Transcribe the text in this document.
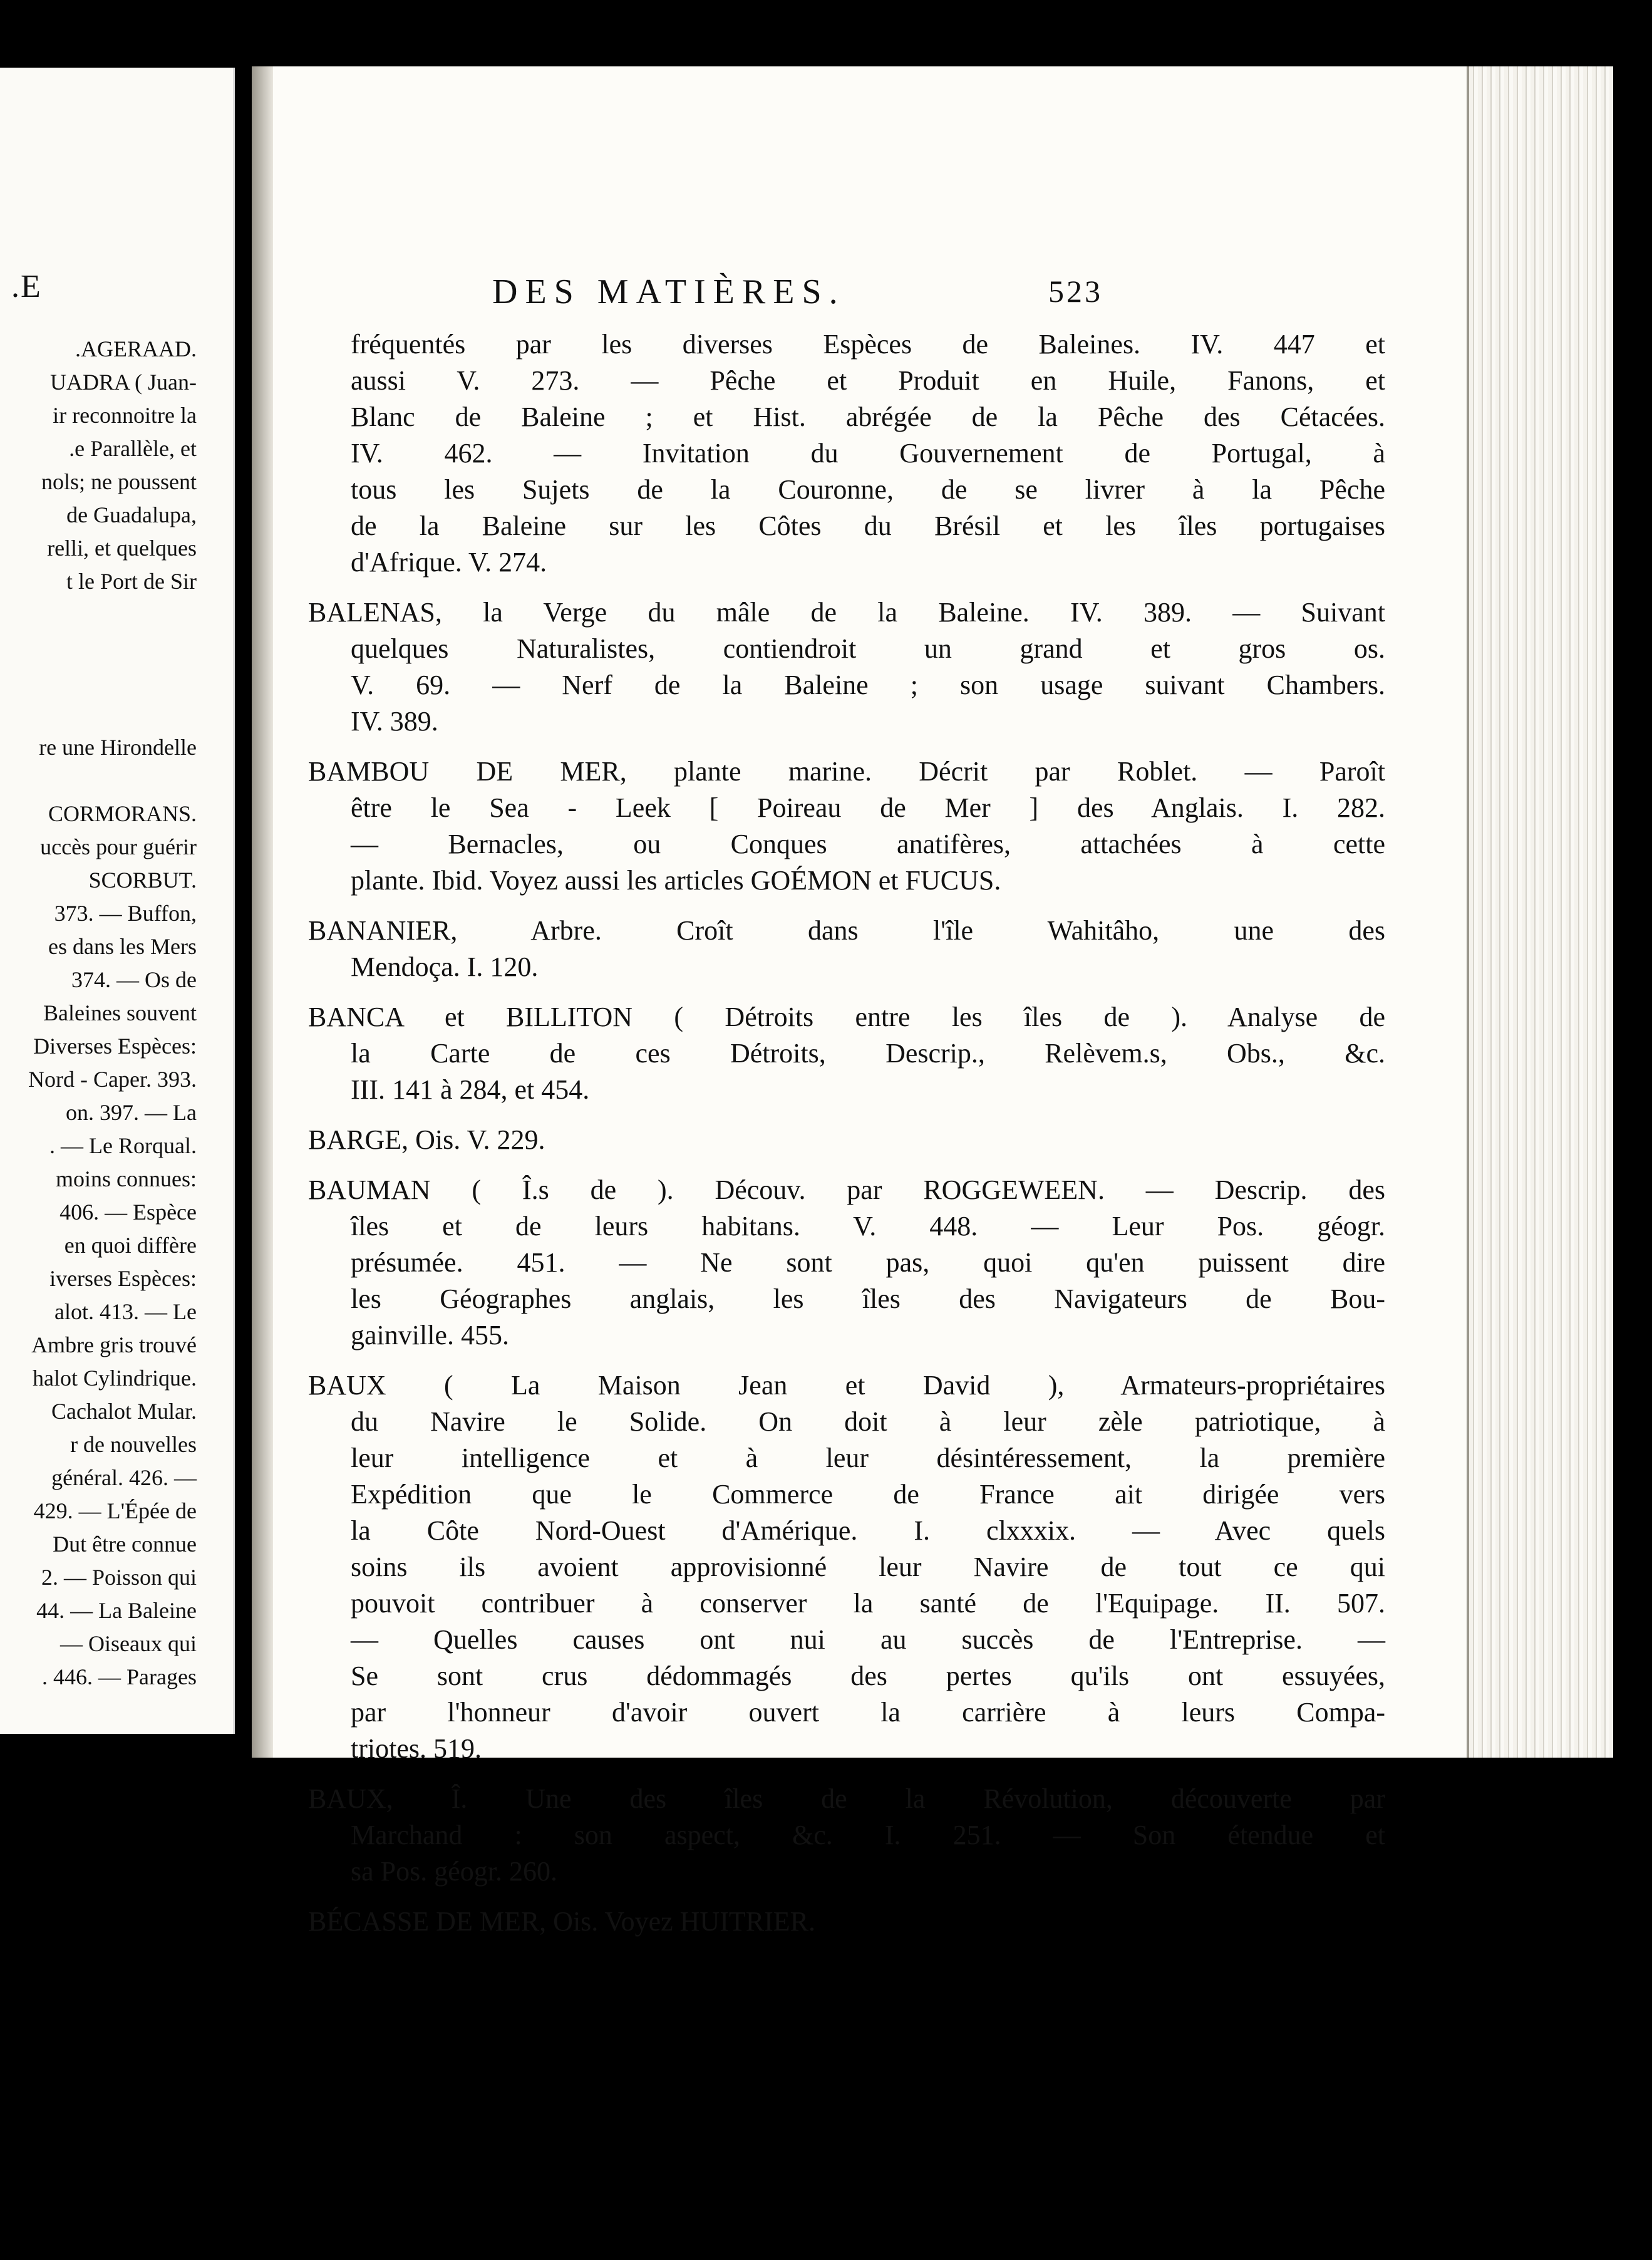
.E
.AGERAAD.
UADRA ( Juan-
ir reconnoitre la
.e Parallèle, et
nols; ne poussent
de Guadalupa,
relli, et quelques
t le Port de Sir
re une Hirondelle
CORMORANS.
uccès pour guérir
SCORBUT.
373. — Buffon,
es dans les Mers
374. — Os de
Baleines souvent
Diverses Espèces:
Nord - Caper. 393.
on. 397. — La
. — Le Rorqual.
moins connues:
406. — Espèce
en quoi diffère
iverses Espèces:
alot. 413. — Le
Ambre gris trouvé
halot Cylindrique.
Cachalot Mular.
r de nouvelles
général. 426. —
429. — L'Épée de
Dut être connue
2. — Poisson qui
44. — La Baleine
— Oiseaux qui
. 446. — Parages
DES MATIÈRES.	523
fréquentés par les diverses Espèces de Baleines. IV. 447 et
aussi V. 273. — Pêche et Produit en Huile, Fanons, et
Blanc de Baleine ; et Hist. abrégée de la Pêche des Cétacées.
IV. 462. — Invitation du Gouvernement de Portugal, à
tous les Sujets de la Couronne, de se livrer à la Pêche
de la Baleine sur les Côtes du Brésil et les îles portugaises
d'Afrique. V. 274.
BALENAS, la Verge du mâle de la Baleine. IV. 389. — Suivant
quelques Naturalistes, contiendroit un grand et gros os.
V. 69. — Nerf de la Baleine ; son usage suivant Chambers.
IV. 389.
BAMBOU DE MER, plante marine. Décrit par Roblet. — Paroît
être le Sea - Leek [ Poireau de Mer ] des Anglais. I. 282.
— Bernacles, ou Conques anatifères, attachées à cette
plante. Ibid. Voyez aussi les articles GOÉMON et FUCUS.
BANANIER, Arbre. Croît dans l'île Wahitâho, une des
Mendoça. I. 120.
BANCA et BILLITON ( Détroits entre les îles de ). Analyse de
la Carte de ces Détroits, Descrip., Relèvem.s, Obs., &c.
III. 141 à 284, et 454.
BARGE, Ois. V. 229.
BAUMAN ( Î.s de ). Découv. par ROGGEWEEN. — Descrip. des
îles et de leurs habitans. V. 448. — Leur Pos. géogr.
présumée. 451. — Ne sont pas, quoi qu'en puissent dire
les Géographes anglais, les îles des Navigateurs de Bou-
gainville. 455.
BAUX ( La Maison Jean et David ), Armateurs-propriétaires
du Navire le Solide. On doit à leur zèle patriotique, à
leur intelligence et à leur désintéressement, la première
Expédition que le Commerce de France ait dirigée vers
la Côte Nord-Ouest d'Amérique. I. clxxxix. — Avec quels
soins ils avoient approvisionné leur Navire de tout ce qui
pouvoit contribuer à conserver la santé de l'Equipage. II. 507.
— Quelles causes ont nui au succès de l'Entreprise. —
Se sont crus dédommagés des pertes qu'ils ont essuyées,
par l'honneur d'avoir ouvert la carrière à leurs Compa-
triotes. 519.
BAUX, Î. Une des îles de la Révolution, découverte par
Marchand : son aspect, &c. I. 251. — Son étendue et
sa Pos. géogr. 260.
BÉCASSE DE MER, Ois. Voyez HUITRIER.
